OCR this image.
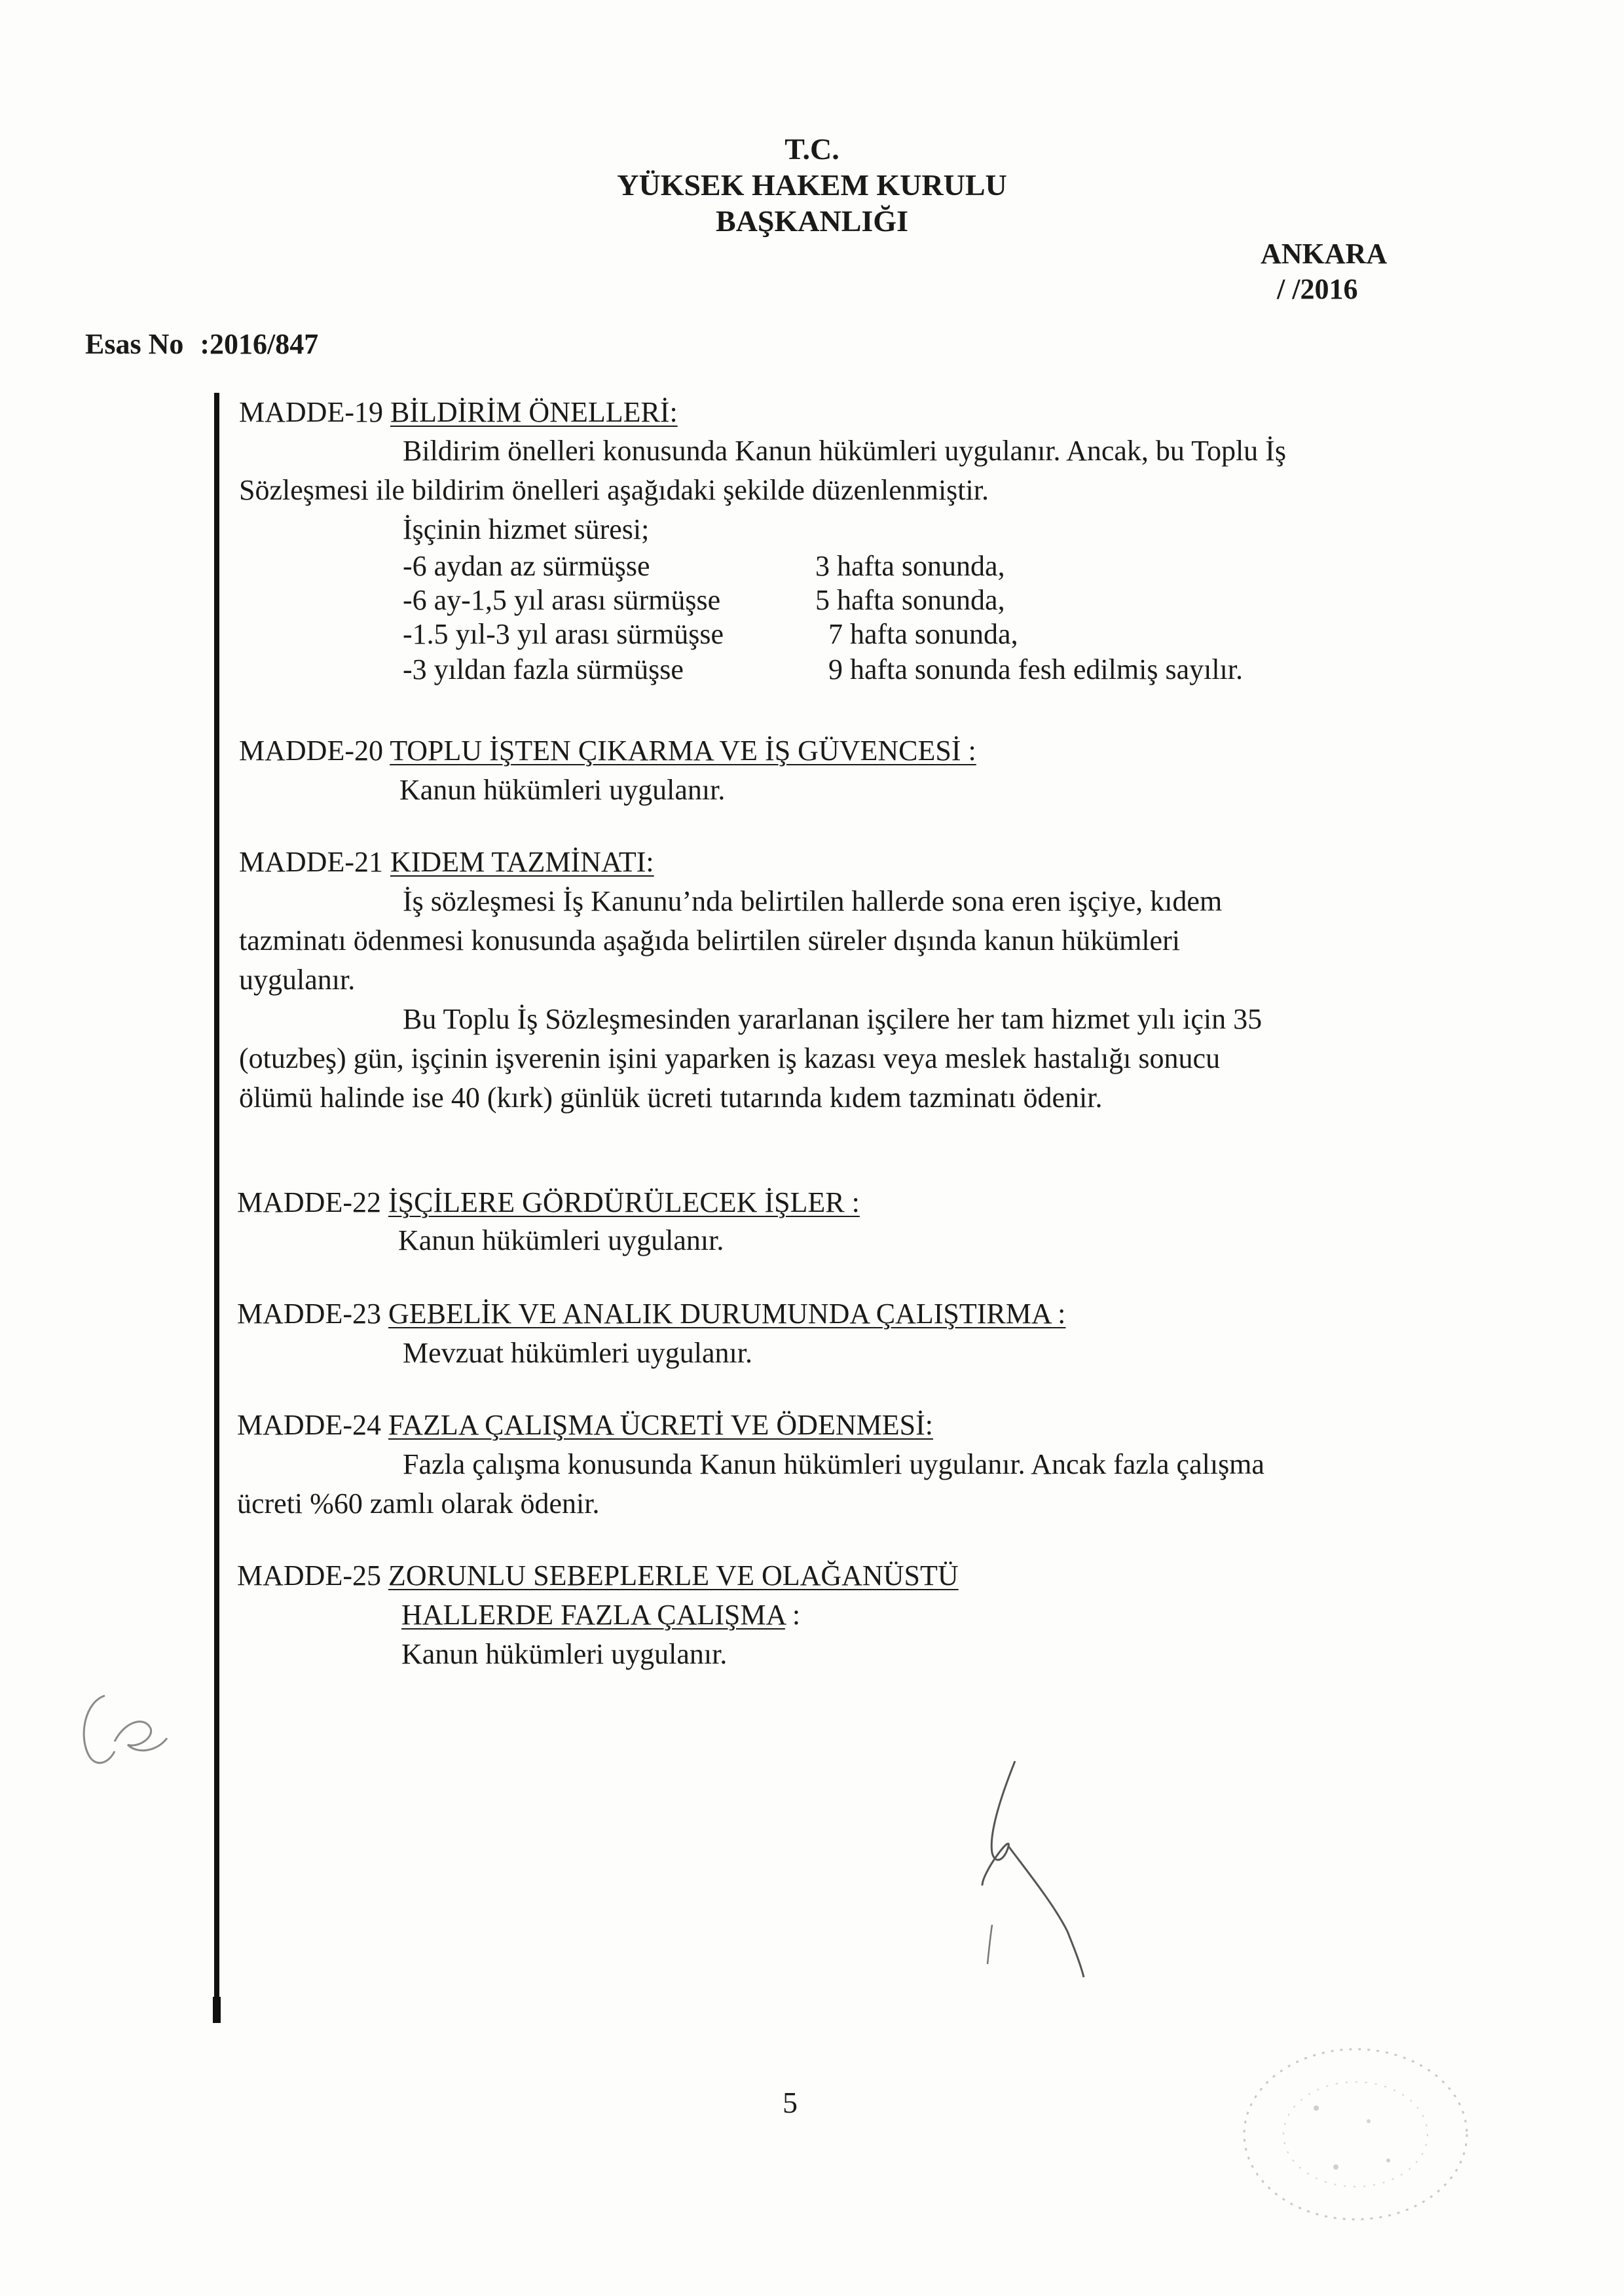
T.C.
YÜKSEK HAKEM KURULU
BAŞKANLIĞI
ANKARA
/ /2016
Esas No :2016/847
MADDE-19 BİLDİRİM ÖNELLERİ:
Bildirim önelleri konusunda Kanun hükümleri uygulanır. Ancak, bu Toplu İş
Sözleşmesi ile bildirim önelleri aşağıdaki şekilde düzenlenmiştir.
İşçinin hizmet süresi;
-6 aydan az sürmüşse	3 hafta sonunda,
-6 ay-1,5 yıl arası sürmüşse	5 hafta sonunda,
-1.5 yıl-3 yıl arası sürmüşse	7 hafta sonunda,
-3 yıldan fazla sürmüşse	9 hafta sonunda fesh edilmiş sayılır.
MADDE-20 TOPLU İŞTEN ÇIKARMA VE İŞ GÜVENCESİ :
Kanun hükümleri uygulanır.
MADDE-21 KIDEM TAZMİNATI:
İş sözleşmesi İş Kanunu’nda belirtilen hallerde sona eren işçiye, kıdem
tazminatı ödenmesi konusunda aşağıda belirtilen süreler dışında kanun hükümleri
uygulanır.
Bu Toplu İş Sözleşmesinden yararlanan işçilere her tam hizmet yılı için 35
(otuzbeş) gün, işçinin işverenin işini yaparken iş kazası veya meslek hastalığı sonucu
ölümü halinde ise 40 (kırk) günlük ücreti tutarında kıdem tazminatı ödenir.
MADDE-22 İŞÇİLERE GÖRDÜRÜLECEK İŞLER :
Kanun hükümleri uygulanır.
MADDE-23 GEBELİK VE ANALIK DURUMUNDA ÇALIŞTIRMA :
Mevzuat hükümleri uygulanır.
MADDE-24 FAZLA ÇALIŞMA ÜCRETİ VE ÖDENMESİ:
Fazla çalışma konusunda Kanun hükümleri uygulanır. Ancak fazla çalışma
ücreti %60 zamlı olarak ödenir.
MADDE-25 ZORUNLU SEBEPLERLE VE OLAĞANÜSTÜ
HALLERDE FAZLA ÇALIŞMA :
Kanun hükümleri uygulanır.
5
